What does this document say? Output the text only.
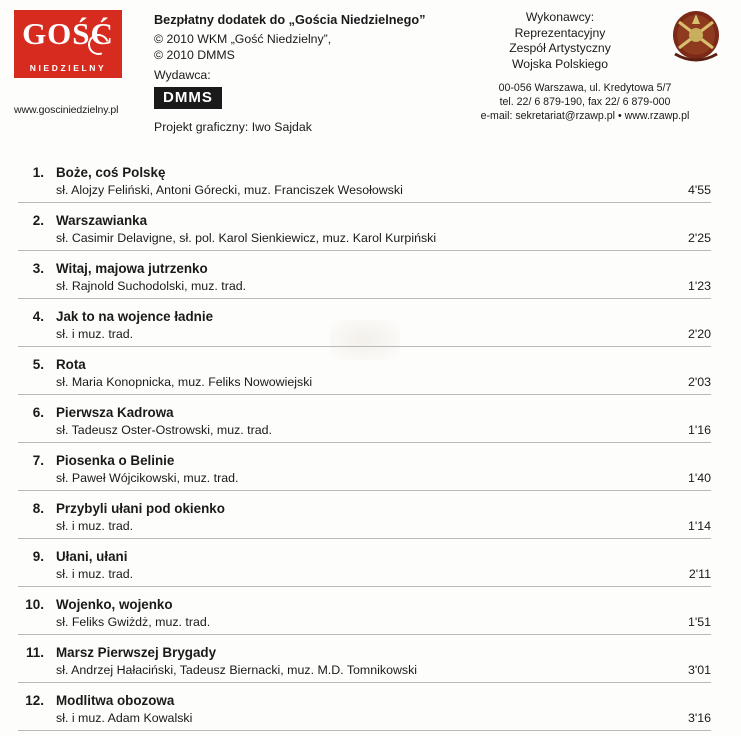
GOŚĆ
NIEDZIELNY
www.gosciniedzielny.pl
Bezpłatny dodatek do „Gościa Niedzielnego”
© 2010 WKM „Gość Niedzielny”,
© 2010 DMMS
Wydawca:
DMMS
Projekt graficzny: Iwo Sajdak
Wykonawcy:
Reprezentacyjny
Zespół Artystyczny
Wojska Polskiego
00-056 Warszawa, ul. Kredytowa 5/7
tel. 22/ 6 879-190, fax 22/ 6 879-000
e-mail: sekretariat@rzawp.pl • www.rzawp.pl
1. Boże, coś Polskę
sł. Alojzy Feliński, Antoni Górecki, muz. Franciszek Wesołowski	4'55
2. Warszawianka
sł. Casimir Delavigne, sł. pol. Karol Sienkiewicz, muz. Karol Kurpiński	2'25
3. Witaj, majowa jutrzenko
sł. Rajnold Suchodolski, muz. trad.	1'23
4. Jak to na wojence ładnie
sł. i muz. trad.	2'20
5. Rota
sł. Maria Konopnicka, muz. Feliks Nowowiejski	2'03
6. Pierwsza Kadrowa
sł. Tadeusz Oster-Ostrowski, muz. trad.	1'16
7. Piosenka o Belinie
sł. Paweł Wójcikowski, muz. trad.	1'40
8. Przybyli ułani pod okienko
sł. i muz. trad.	1'14
9. Ułani, ułani
sł. i muz. trad.	2'11
10. Wojenko, wojenko
sł. Feliks Gwiżdż, muz. trad.	1'51
11. Marsz Pierwszej Brygady
sł. Andrzej Hałaciński, Tadeusz Biernacki, muz. M.D. Tomnikowski	3'01
12. Modlitwa obozowa
sł. i muz. Adam Kowalski	3'16
